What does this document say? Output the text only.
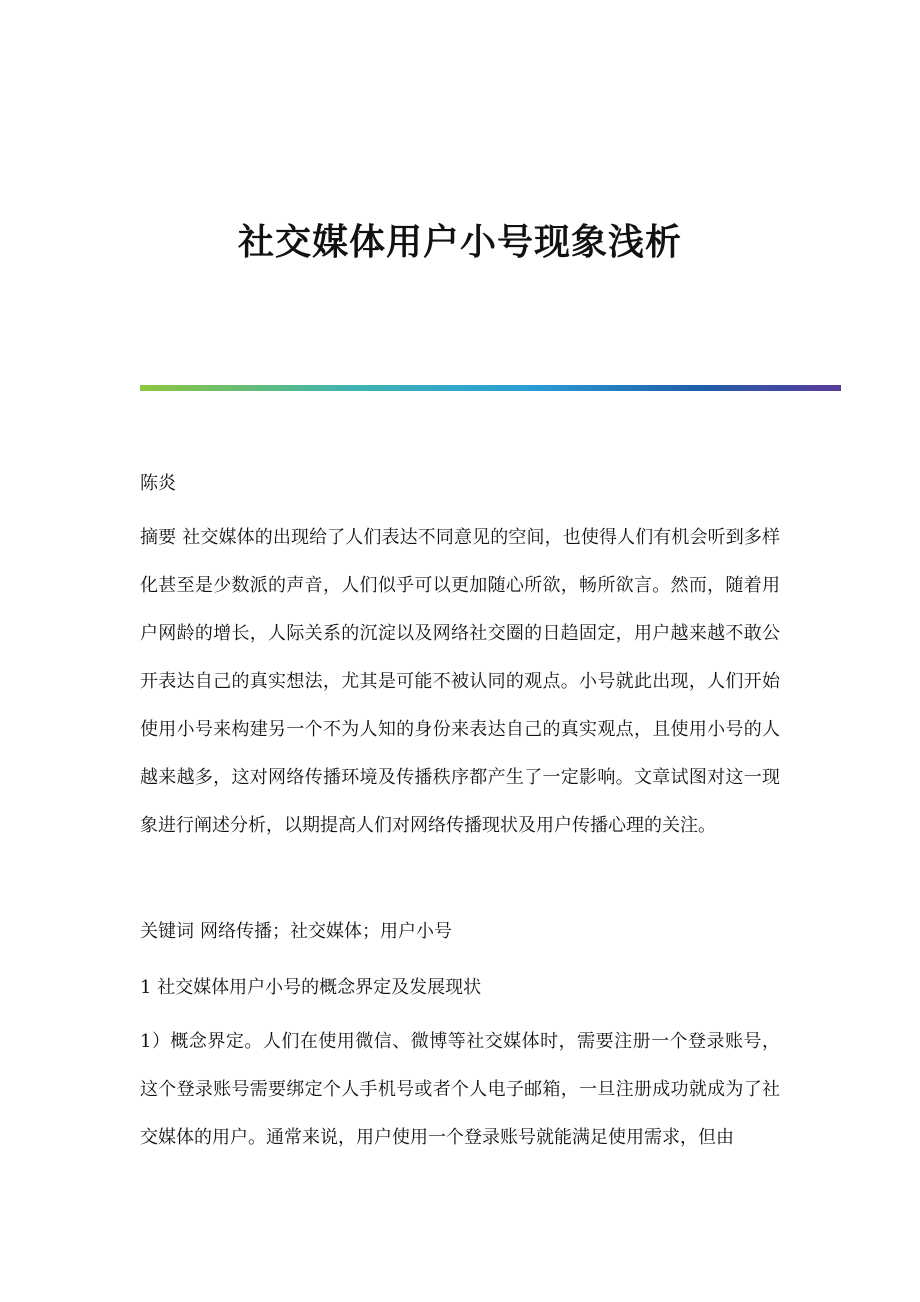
社交媒体用户小号现象浅析
陈炎
摘要 社交媒体的出现给了人们表达不同意见的空间，也使得人们有机会听到多样化甚至是少数派的声音，人们似乎可以更加随心所欲，畅所欲言。然而，随着用户网龄的增长，人际关系的沉淀以及网络社交圈的日趋固定，用户越来越不敢公开表达自己的真实想法，尤其是可能不被认同的观点。小号就此出现，人们开始使用小号来构建另一个不为人知的身份来表达自己的真实观点，且使用小号的人越来越多，这对网络传播环境及传播秩序都产生了一定影响。文章试图对这一现象进行阐述分析，以期提高人们对网络传播现状及用户传播心理的关注。
关键词 网络传播；社交媒体；用户小号
1 社交媒体用户小号的概念界定及发展现状
1）概念界定。人们在使用微信、微博等社交媒体时，需要注册一个登录账号，这个登录账号需要绑定个人手机号或者个人电子邮箱，一旦注册成功就成为了社交媒体的用户。通常来说，用户使用一个登录账号就能满足使用需求，但由
